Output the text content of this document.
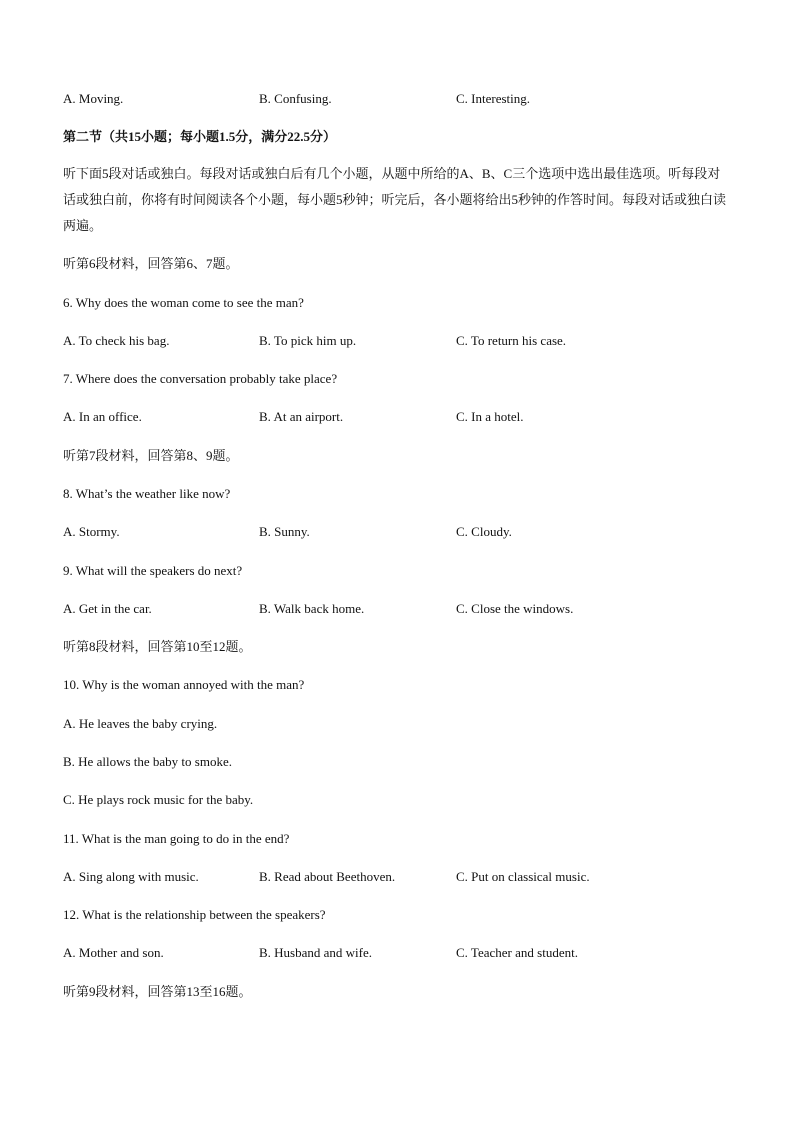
A. Moving.	B. Confusing.	C. Interesting.
第二节（共15小题；每小题1.5分，满分22.5分）
听下面5段对话或独白。每段对话或独白后有几个小题，从题中所给的A、B、C三个选项中选出最佳选项。听每段对话或独白前，你将有时间阅读各个小题，每小题5秒钟；听完后，各小题将给出5秒钟的作答时间。每段对话或独白读两遍。
听第6段材料，回答第6、7题。
6. Why does the woman come to see the man?
A. To check his bag.	B. To pick him up.	C. To return his case.
7. Where does the conversation probably take place?
A. In an office.	B. At an airport.	C. In a hotel.
听第7段材料，回答第8、9题。
8. What’s the weather like now?
A. Stormy.	B. Sunny.	C. Cloudy.
9. What will the speakers do next?
A. Get in the car.	B. Walk back home.	C. Close the windows.
听第8段材料，回答第10至12题。
10. Why is the woman annoyed with the man?
A. He leaves the baby crying.
B. He allows the baby to smoke.
C. He plays rock music for the baby.
11. What is the man going to do in the end?
A. Sing along with music.	B. Read about Beethoven.	C. Put on classical music.
12. What is the relationship between the speakers?
A. Mother and son.	B. Husband and wife.	C. Teacher and student.
听第9段材料，回答第13至16题。
